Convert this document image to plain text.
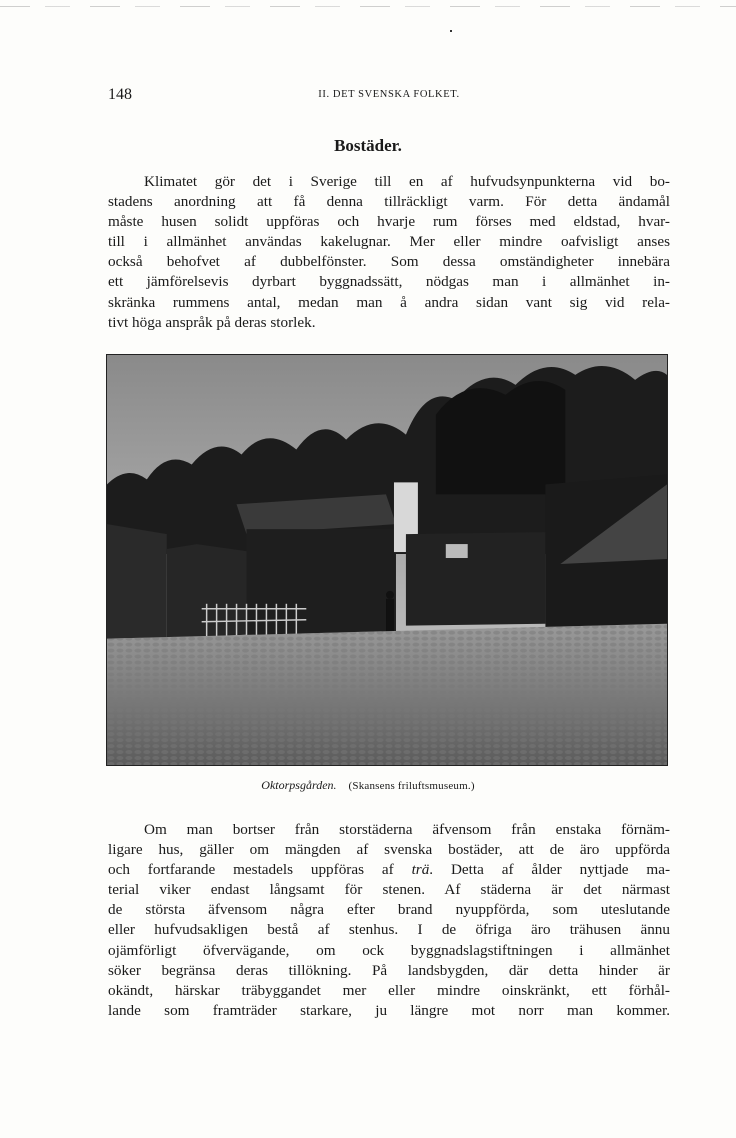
148	II. DET SVENSKA FOLKET.
Bostäder.
Klimatet gör det i Sverige till en af hufvudsynpunkterna vid bo-
stadens anordning att få denna tillräckligt varm. För detta ändamål
måste husen solidt uppföras och hvarje rum förses med eldstad, hvar-
till i allmänhet användas kakelugnar. Mer eller mindre oafvisligt anses
också behofvet af dubbelfönster. Som dessa omständigheter innebära
ett jämförelsevis dyrbart byggnadssätt, nödgas man i allmänhet in-
skränka rummens antal, medan man å andra sidan vant sig vid rela-
tivt höga anspråk på deras storlek.
Oktorpsgården. (Skansens friluftsmuseum.)
Om man bortser från storstäderna äfvensom från enstaka förnäm-
ligare hus, gäller om mängden af svenska bostäder, att de äro uppförda
och fortfarande mestadels uppföras af trä. Detta af ålder nyttjade ma-
terial viker endast långsamt för stenen. Af städerna är det närmast
de största äfvensom några efter brand nyuppförda, som uteslutande
eller hufvudsakligen bestå af stenhus. I de öfriga äro trähusen ännu
ojämförligt öfvervägande, om ock byggnadslagstiftningen i allmänhet
söker begränsa deras tillökning. På landsbygden, där detta hinder är
okändt, härskar träbyggandet mer eller mindre oinskränkt, ett förhål-
lande som framträder starkare, ju längre mot norr man kommer.
